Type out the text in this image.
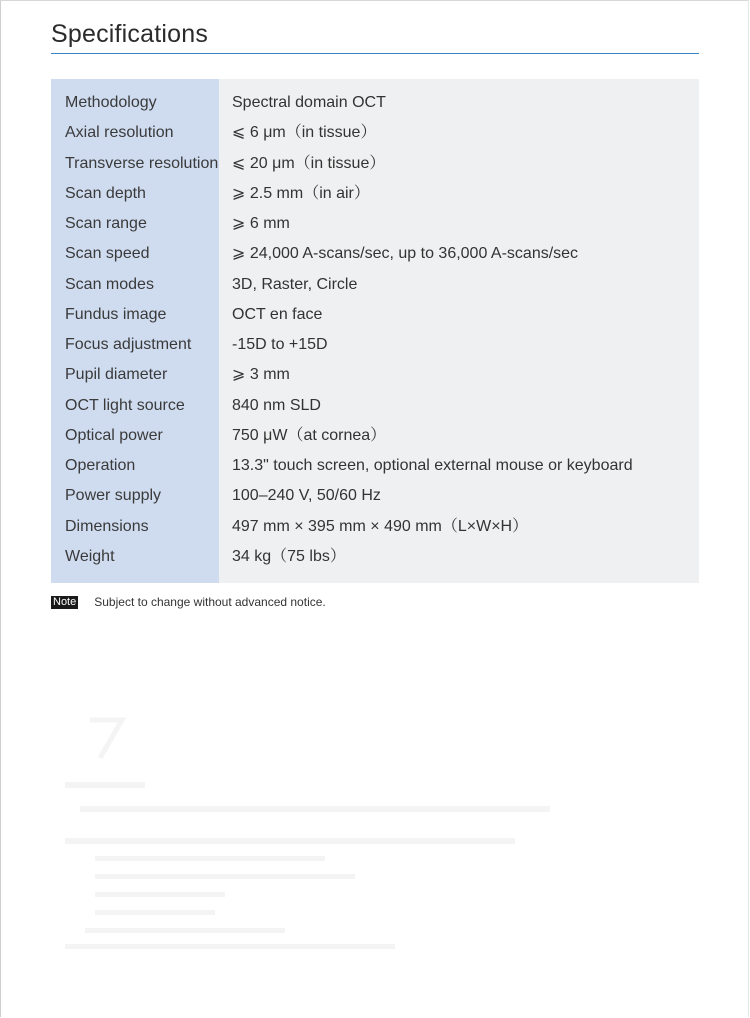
Specifications
Methodology	Spectral domain OCT
Axial resolution	⩽ 6 μm（in tissue）
Transverse resolution ⩽ 20 μm（in tissue）
Scan depth	⩾ 2.5 mm（in air）
Scan range	⩾ 6 mm
Scan speed	⩾ 24,000 A-scans/sec, up to 36,000 A-scans/sec
Scan modes	3D, Raster, Circle
Fundus image	OCT en face
Focus adjustment	-15D to +15D
Pupil diameter	⩾ 3 mm
OCT light source	840 nm SLD
Optical power	750 μW（at cornea）
Operation	13.3" touch screen, optional external mouse or keyboard
Power supply	100–240 V, 50/60 Hz
Dimensions	497 mm × 395 mm × 490 mm（L×W×H）
Weight	34 kg（75 lbs）
Note Subject to change without advanced notice.
